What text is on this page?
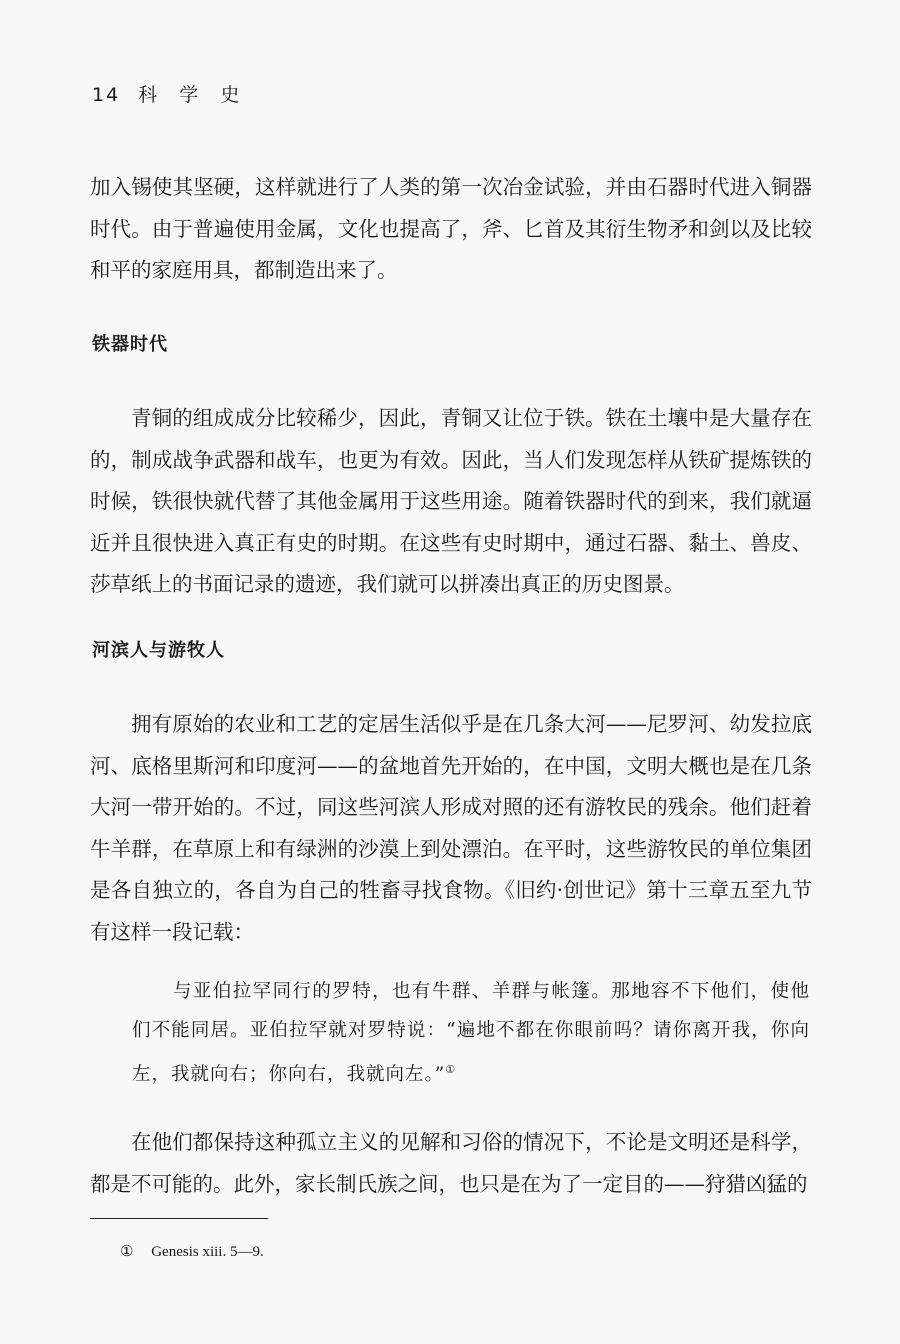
14 科 学 史

加入锡使其坚硬，这样就进行了人类的第一次冶金试验，并由石器时代进入铜器时代。由于普遍使用金属，文化也提高了，斧、匕首及其衍生物矛和剑以及比较和平的家庭用具，都制造出来了。

铁器时代

青铜的组成成分比较稀少，因此，青铜又让位于铁。铁在土壤中是大量存在的，制成战争武器和战车，也更为有效。因此，当人们发现怎样从铁矿提炼铁的时候，铁很快就代替了其他金属用于这些用途。随着铁器时代的到来，我们就逼近并且很快进入真正有史的时期。在这些有史时期中，通过石器、黏土、兽皮、莎草纸上的书面记录的遗迹，我们就可以拼凑出真正的历史图景。

河滨人与游牧人

拥有原始的农业和工艺的定居生活似乎是在几条大河——尼罗河、幼发拉底河、底格里斯河和印度河——的盆地首先开始的，在中国，文明大概也是在几条大河一带开始的。不过，同这些河滨人形成对照的还有游牧民的残余。他们赶着牛羊群，在草原上和有绿洲的沙漠上到处漂泊。在平时，这些游牧民的单位集团是各自独立的，各自为自己的牲畜寻找食物。《旧约·创世记》第十三章五至九节有这样一段记载：

与亚伯拉罕同行的罗特，也有牛群、羊群与帐篷。那地容不下他们，使他们不能同居。亚伯拉罕就对罗特说：“遍地不都在你眼前吗？请你离开我，你向左，我就向右；你向右，我就向左。”①

在他们都保持这种孤立主义的见解和习俗的情况下，不论是文明还是科学，都是不可能的。此外，家长制氏族之间，也只是在为了一定目的——狩猎凶猛的

① Genesis xiii. 5—9.
